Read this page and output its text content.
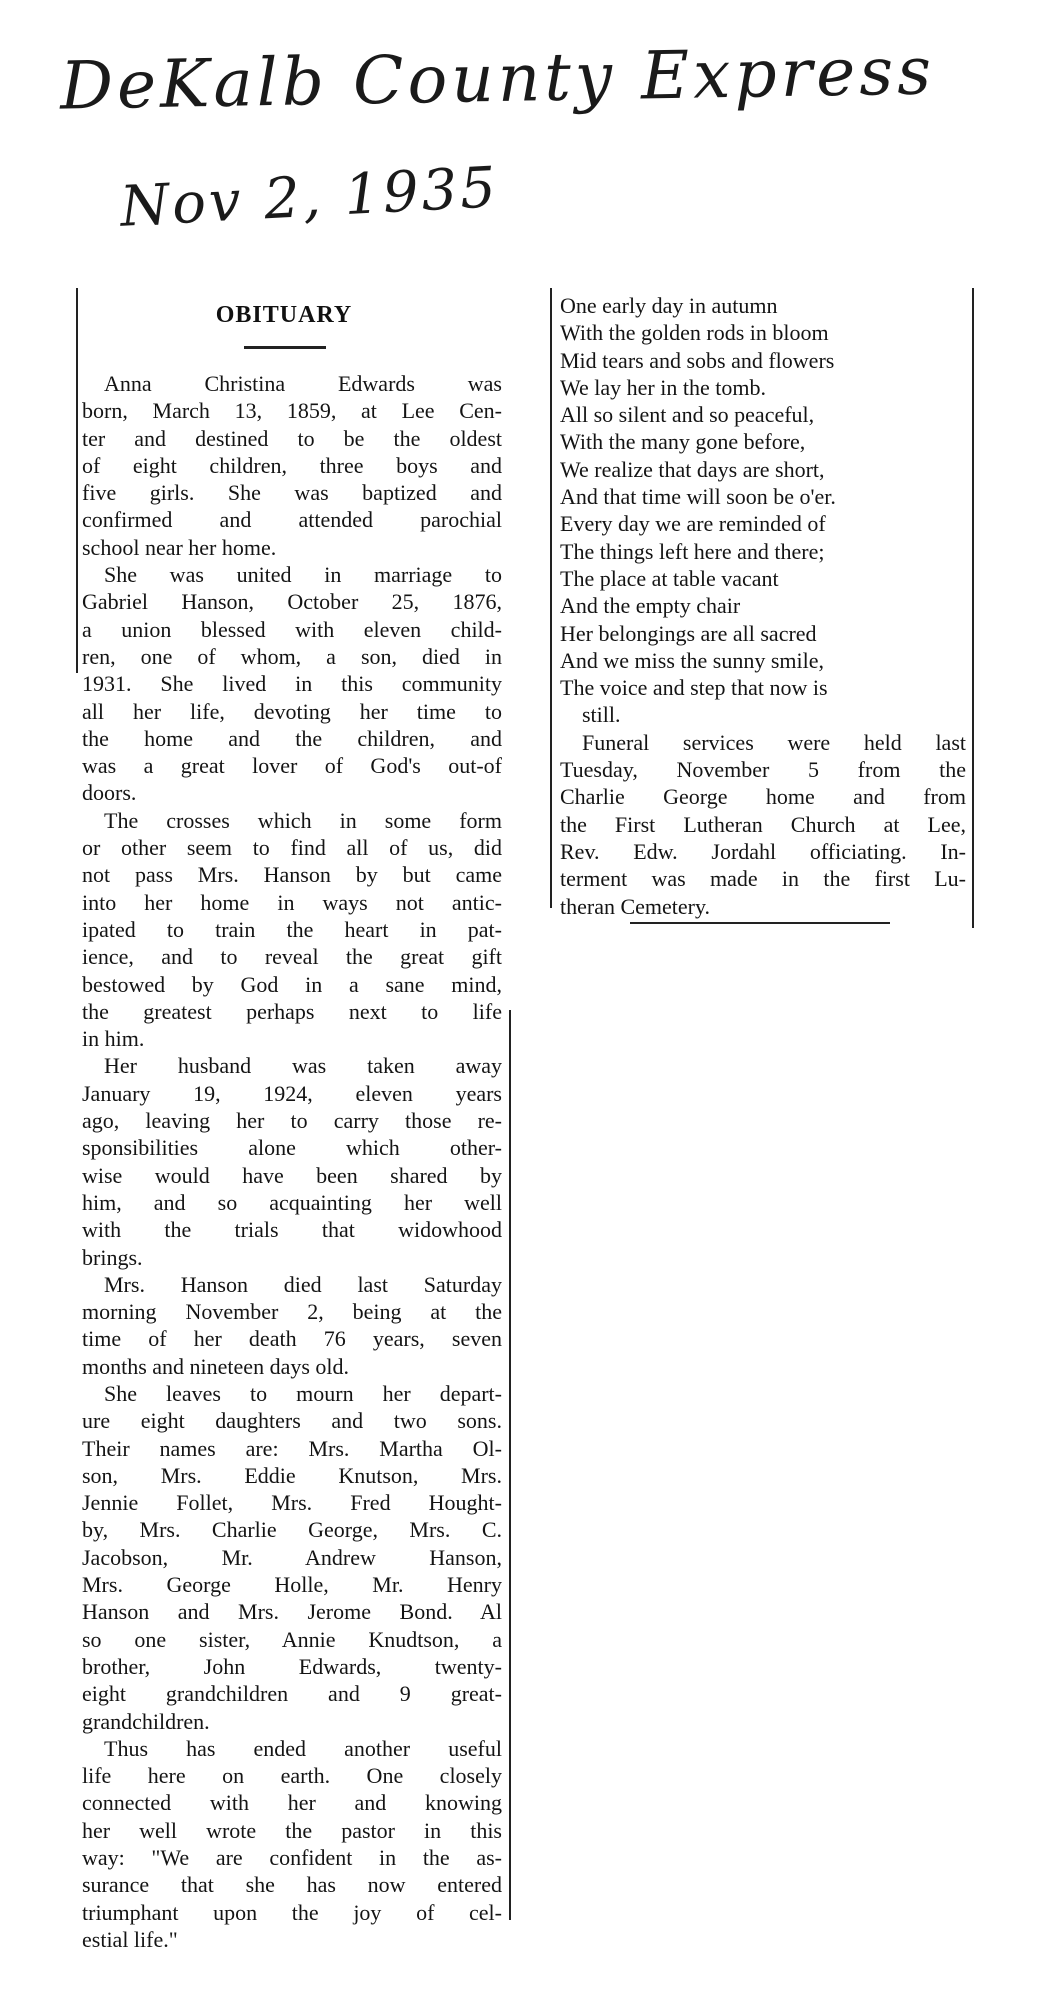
DeKalb County Express
Nov 2, 1935
OBITUARY
Anna Christina Edwards was
born, March 13, 1859, at Lee Cen-
ter and destined to be the oldest
of eight children, three boys and
five girls. She was baptized and
confirmed and attended parochial
school near her home.
She was united in marriage to
Gabriel Hanson, October 25, 1876,
a union blessed with eleven child-
ren, one of whom, a son, died in
1931. She lived in this community
all her life, devoting her time to
the home and the children, and
was a great lover of God's out-of
doors.
The crosses which in some form
or other seem to find all of us, did
not pass Mrs. Hanson by but came
into her home in ways not antic-
ipated to train the heart in pat-
ience, and to reveal the great gift
bestowed by God in a sane mind,
the greatest perhaps next to life
in him.
Her husband was taken away
January 19, 1924, eleven years
ago, leaving her to carry those re-
sponsibilities alone which other-
wise would have been shared by
him, and so acquainting her well
with the trials that widowhood
brings.
Mrs. Hanson died last Saturday
morning November 2, being at the
time of her death 76 years, seven
months and nineteen days old.
She leaves to mourn her depart-
ure eight daughters and two sons.
Their names are: Mrs. Martha Ol-
son, Mrs. Eddie Knutson, Mrs.
Jennie Follet, Mrs. Fred Hought-
by, Mrs. Charlie George, Mrs. C.
Jacobson, Mr. Andrew Hanson,
Mrs. George Holle, Mr. Henry
Hanson and Mrs. Jerome Bond. Al
so one sister, Annie Knudtson, a
brother, John Edwards, twenty-
eight grandchildren and 9 great-
grandchildren.
Thus has ended another useful
life here on earth. One closely
connected with her and knowing
her well wrote the pastor in this
way: "We are confident in the as-
surance that she has now entered
triumphant upon the joy of cel-
estial life."
One early day in autumn
With the golden rods in bloom
Mid tears and sobs and flowers
We lay her in the tomb.
All so silent and so peaceful,
With the many gone before,
We realize that days are short,
And that time will soon be o'er.
Every day we are reminded of
The things left here and there;
The place at table vacant
And the empty chair
Her belongings are all sacred
And we miss the sunny smile,
The voice and step that now is
still.
Funeral services were held last
Tuesday, November 5 from the
Charlie George home and from
the First Lutheran Church at Lee,
Rev. Edw. Jordahl officiating. In-
terment was made in the first Lu-
theran Cemetery.
